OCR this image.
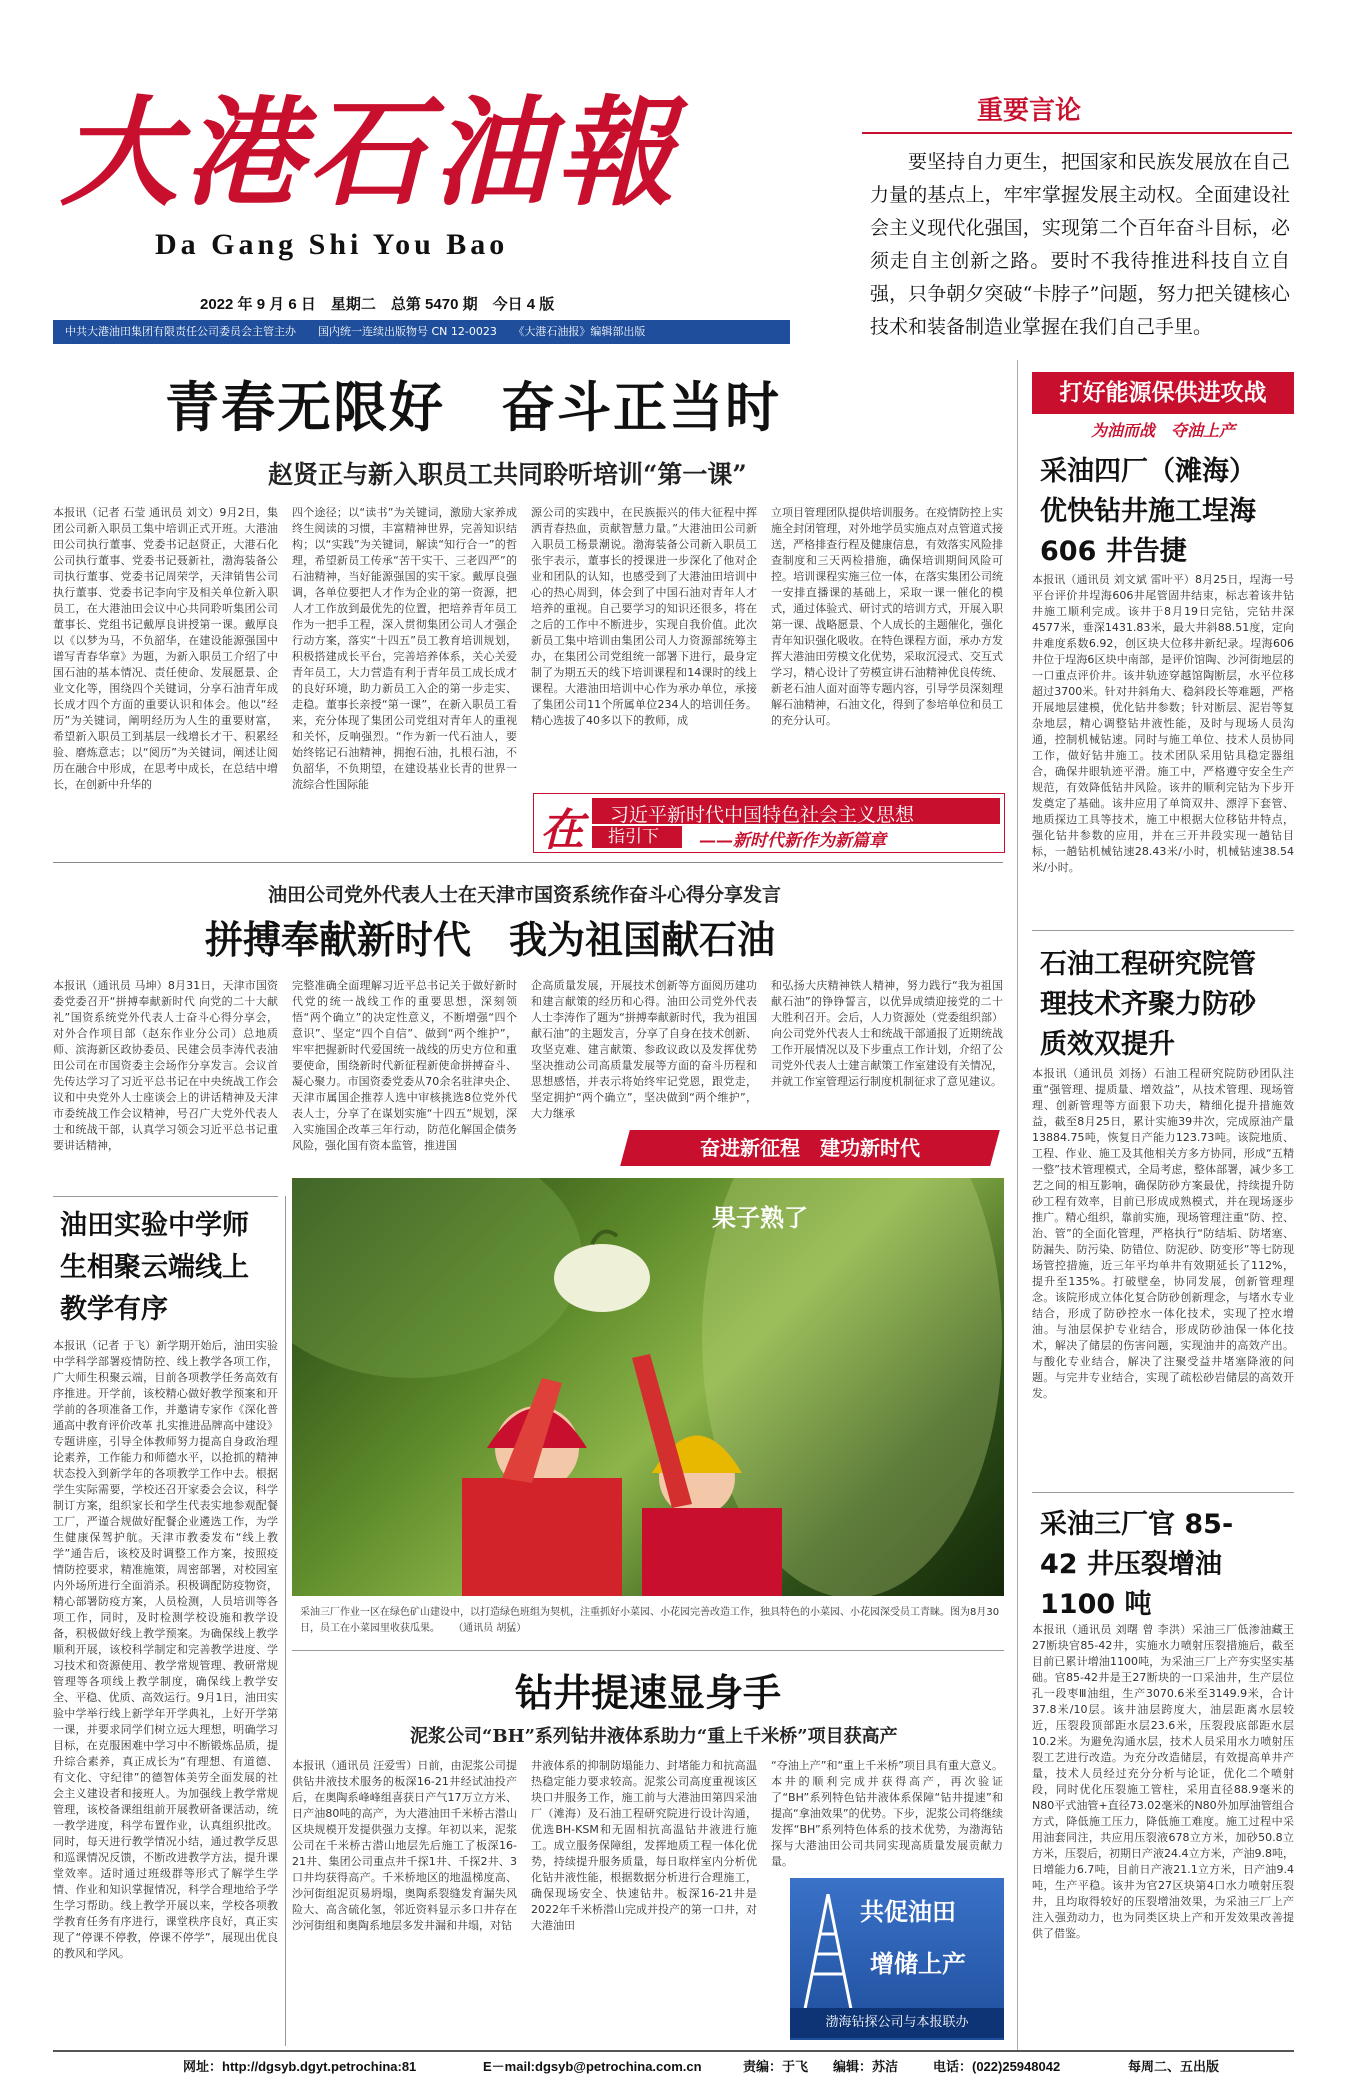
大港石油報
Da Gang Shi You Bao
2022 年 9 月 6 日　星期二　总第 5470 期　今日 4 版
重要言论
要坚持自力更生，把国家和民族发展放在自己力量的基点上，牢牢掌握发展主动权。全面建设社会主义现代化强国，实现第二个百年奋斗目标，必须走自主创新之路。要时不我待推进科技自立自强，只争朝夕突破“卡脖子”问题，努力把关键核心技术和装备制造业掌握在我们自己手里。
中共大港油田集团有限责任公司委员会主管主办　　国内统一连续出版物号 CN 12-0023　　《大港石油报》编辑部出版
青春无限好　奋斗正当时
赵贤正与新入职员工共同聆听培训“第一课”
本报讯（记者 石莹 通讯员 刘文）9月2日，集团公司新入职员工集中培训正式开班。大港油田公司执行董事、党委书记赵贤正，大港石化公司执行董事、党委书记聂新社，渤海装备公司执行董事、党委书记周荣学，天津销售公司执行董事、党委书记李向宇及相关单位新入职员工，在大港油田会议中心共同聆听集团公司董事长、党组书记戴厚良讲授第一课。戴厚良以《以梦为马，不负韶华，在建设能源强国中谱写青春华章》为题，为新入职员工介绍了中国石油的基本情况、责任使命、发展愿景、企业文化等，围绕四个关键词，分享石油青年成长成才四个方面的重要认识和体会。他以“经历”为关键词，阐明经历为人生的重要财富，希望新入职员工到基层一线增长才干、积累经验、磨炼意志；以“阅历”为关键词，阐述让阅历在融合中形成，在思考中成长，在总结中增长，在创新中升华的
四个途径；以“读书”为关键词，激励大家养成终生阅读的习惯，丰富精神世界，完善知识结构；以“实践”为关键词，解读“知行合一”的哲理，希望新员工传承“苦干实干、三老四严”的石油精神，当好能源强国的实干家。戴厚良强调，各单位要把人才作为企业的第一资源，把人才工作放到最优先的位置，把培养青年员工作为一把手工程，深入贯彻集团公司人才强企行动方案，落实“十四五”员工教育培训规划，积极搭建成长平台，完善培养体系，关心关爱青年员工，大力营造有利于青年员工成长成才的良好环境，助力新员工入企的第一步走实、走稳。董事长亲授“第一课”，在新入职员工看来，充分体现了集团公司党组对青年人的重视和关怀，反响强烈。“作为新一代石油人，要始终铭记石油精神，拥抱石油，扎根石油，不负韶华，不负期望，在建设基业长青的世界一流综合性国际能
源公司的实践中，在民族振兴的伟大征程中挥洒青春热血，贡献智慧力量。”大港油田公司新入职员工杨景潮说。渤海装备公司新入职员工张宇表示，董事长的授课进一步深化了他对企业和团队的认知，也感受到了大港油田培训中心的热心周到，体会到了中国石油对青年人才培养的重视。自己要学习的知识还很多，将在之后的工作中不断进步，实现自我价值。此次新员工集中培训由集团公司人力资源部统筹主办，在集团公司党组统一部署下进行，最身定制了为期五天的线下培训课程和14课时的线上课程。大港油田培训中心作为承办单位，承接了集团公司11个所属单位234人的培训任务。精心选拔了40多以下的教师，成
立项目管理团队提供培训服务。在疫情防控上实施全封闭管理，对外地学员实施点对点管道式接送，严格排查行程及健康信息，有效落实风险排查制度和三天两检措施，确保培训期间风险可控。培训课程实施三位一体，在落实集团公司统一安排直播课的基础上，采取一课一催化的模式，通过体验式、研讨式的培训方式，开展入职第一课、战略愿景、个人成长的主题催化，强化青年知识强化吸收。在特色课程方面，承办方发挥大港油田劳模文化优势，采取沉浸式、交互式学习，精心设计了劳模宣讲石油精神优良传统、新老石油人面对面等专题内容，引导学员深刻理解石油精神，石油文化，得到了参培单位和员工的充分认可。
在	习近平新时代中国特色社会主义思想
指引下	——新时代新作为新篇章
油田公司党外代表人士在天津市国资系统作奋斗心得分享发言
拼搏奉献新时代　我为祖国献石油
本报讯（通讯员 马坤）8月31日，天津市国资委党委召开“拼搏奉献新时代 向党的二十大献礼”国资系统党外代表人士奋斗心得分享会，对外合作项目部（赵东作业分公司）总地质师、滨海新区政协委员、民建会员李涛代表油田公司在市国资委主会场作分享发言。会议首先传达学习了习近平总书记在中央统战工作会议和中央党外人士座谈会上的讲话精神及天津市委统战工作会议精神，号召广大党外代表人士和统战干部，认真学习领会习近平总书记重要讲话精神，
完整准确全面理解习近平总书记关于做好新时代党的统一战线工作的重要思想，深刻领悟“两个确立”的决定性意义，不断增强“四个意识”、坚定“四个自信”、做到“两个维护”，牢牢把握新时代爱国统一战线的历史方位和重要使命，围绕新时代新征程新使命拼搏奋斗、凝心聚力。市国资委党委从70余名驻津央企、天津市属国企推荐人选中审核挑选8位党外代表人士，分享了在谋划实施“十四五”规划，深入实施国企改革三年行动，防范化解国企债务风险，强化国有资本监管，推进国
企高质量发展，开展技术创新等方面阅历建功和建言献策的经历和心得。油田公司党外代表人士李涛作了题为“拼搏奉献新时代，我为祖国献石油”的主题发言，分享了自身在技术创新、攻坚克难、建言献策、参政议政以及发挥优势坚决推动公司高质量发展等方面的奋斗历程和思想感悟，并表示将始终牢记党恩，跟党走，坚定拥护“两个确立”，坚决做到“两个维护”，大力继承
和弘扬大庆精神铁人精神，努力践行“我为祖国献石油”的铮铮誓言，以优异成绩迎接党的二十大胜利召开。会后，人力资源处（党委组织部）向公司党外代表人士和统战干部通报了近期统战工作开展情况以及下步重点工作计划，介绍了公司党外代表人士建言献策工作室建设有关情况，并就工作室管理运行制度机制征求了意见建议。
打好能源保供进攻战
为油而战　夺油上产
采油四厂（滩海）优快钻井施工埕海 606 井告捷
本报讯（通讯员 刘文斌 雷叶平）8月25日，埕海一号平台评价井埕海606井尾管固井结束，标志着该井钻井施工顺利完成。该井于8月19日完钻，完钻井深4577米，垂深1431.83米，最大井斜88.51度，定向井难度系数6.92，创区块大位移井新纪录。埕海606井位于埕海6区块中南部，是评价馆陶、沙河街地层的一口重点评价井。该井轨迹穿越馆陶断层，水平位移超过3700米。针对井斜角大、稳斜段长等难题，严格开展地层建模，优化钻井参数；针对断层、泥岩等复杂地层，精心调整钻井液性能，及时与现场人员沟通，控制机械钻速。同时与施工单位、技术人员协同工作，做好钻井施工。技术团队采用钻具稳定器组合，确保井眼轨迹平滑。施工中，严格遵守安全生产规范，有效降低钻井风险。该井的顺利完钻为下步开发奠定了基础。该井应用了单筒双井、漂浮下套管、地质探边工具等技术，施工中根据大位移钻井特点，强化钻井参数的应用，并在三开井段实现一趟钻目标，一趟钻机械钻速28.43米/小时，机械钻速38.54米/小时。
石油工程研究院管理技术齐聚力防砂质效双提升
本报讯（通讯员 刘扬）石油工程研究院防砂团队注重“强管理、提质量、增效益”，从技术管理、现场管理、创新管理等方面狠下功夫，精细化提升措施效益，截至8月25日，累计实施39井次，完成原油产量13884.75吨，恢复日产能力123.73吨。该院地质、工程、作业、施工及其他相关方多方协同，形成“五精一整”技术管理模式，全局考虑，整体部署，减少多工艺之间的相互影响，确保防砂方案最优，持续提升防砂工程有效率，目前已形成成熟模式，并在现场逐步推广。精心组织，靠前实施，现场管理注重“防、控、治、管”的全面化管理，严格执行“防结垢、防堵塞、防漏失、防污染、防错位、防泥砂、防变形”等七防现场管控措施，近三年平均单井有效期延长了112%，提升至135%。打破壁垒，协同发展，创新管理理念。该院形成立体化复合防砂创新理念，与堵水专业结合，形成了防砂控水一体化技术，实现了控水增油。与油层保护专业结合，形成防砂油保一体化技术，解决了储层的伤害问题，实现油井的高效产出。与酸化专业结合，解决了注聚受益井堵塞降液的问题。与完井专业结合，实现了疏松砂岩储层的高效开发。
采油三厂官 85-42 井压裂增油 1100 吨
本报讯（通讯员 刘曙 曾 李洪）采油三厂低渗油藏王27断块官85-42井，实施水力喷射压裂措施后，截至目前已累计增油1100吨，为采油三厂上产夯实坚实基础。官85-42井是王27断块的一口采油井，生产层位孔一段枣Ⅲ油组，生产3070.6米至3149.9米，合计37.8米/10层。该井油层跨度大，油层距离水层较近，压裂段顶部距水层23.6米，压裂段底部距水层10.2米。为避免沟通水层，技术人员采用水力喷射压裂工艺进行改造。为充分改造储层，有效提高单井产量，技术人员经过充分分析与论证，优化二个喷射段，同时优化压裂施工管柱，采用直径88.9毫米的N80平式油管+直径73.02毫米的N80外加厚油管组合方式，降低施工压力，降低施工难度。施工过程中采用油套同注，共应用压裂液678立方米，加砂50.8立方米，压裂后，初期日产液24.4立方米，产油9.8吨，日增能力6.7吨，目前日产液21.1立方米，日产油9.4吨，生产平稳。该井为官27区块第4口水力喷射压裂井，且均取得较好的压裂增油效果，为采油三厂上产注入强劲动力，也为同类区块上产和开发效果改善提供了借鉴。
油田实验中学师生相聚云端线上教学有序
本报讯（记者 于飞）新学期开始后，油田实验中学科学部署疫情防控、线上教学各项工作，广大师生积聚云端，目前各项教学任务高效有序推进。开学前，该校精心做好教学预案和开学前的各项准备工作，并邀请专家作《深化普通高中教育评价改革 扎实推进品牌高中建设》专题讲座，引导全体教师努力提高自身政治理论素养，工作能力和师德水平，以抢抓的精神状态投入到新学年的各项教学工作中去。根据学生实际需要，学校还召开家委会会议，科学制订方案，组织家长和学生代表实地参观配餐工厂，严谨合规做好配餐企业遴选工作，为学生健康保驾护航。天津市教委发布“线上教学”通告后，该校及时调整工作方案，按照疫情防控要求，精准施策，周密部署，对校园室内外场所进行全面消杀。积极调配防疫物资，精心部署防疫方案，人员检测，人员培训等各项工作，同时，及时检测学校设施和教学设备，积极做好线上教学预案。为确保线上教学顺利开展，该校科学制定和完善教学进度、学习技术和资源使用、教学常规管理、教研常规管理等各项线上教学制度，确保线上教学安全、平稳、优质、高效运行。9月1日，油田实验中学举行线上新学年开学典礼，上好开学第一课，并要求同学们树立远大理想，明确学习目标，在克服困难中学习中不断锻炼品质，提升综合素养，真正成长为“有理想、有道德、有文化、守纪律”的德智体美劳全面发展的社会主义建设者和接班人。为加强线上教学常规管理，该校备课组组前开展教研备课活动，统一教学进度，科学布置作业，认真组织批改。同时，每天进行教学情况小结，通过教学反思和巡课情况反馈，不断改进教学方法，提升课堂效率。适时通过班级群等形式了解学生学情、作业和知识掌握情况，科学合理地给予学生学习帮助。线上教学开展以来，学校各项教学教育任务有序进行，课堂秩序良好，真正实现了“停课不停教，停课不停学”，展现出优良的教风和学风。
奋进新征程　建功新时代
果子熟了
采油三厂作业一区在绿色矿山建设中，以打造绿色班组为契机，注重抓好小菜园、小花园完善改造工作，独具特色的小菜园、小花园深受员工青睐。图为8月30日，员工在小菜园里收获瓜果。 （通讯员 胡猛）
钻井提速显身手
泥浆公司“BH”系列钻井液体系助力“重上千米桥”项目获高产
本报讯（通讯员 汪爱雪）日前，由泥浆公司提供钻井液技术服务的板深16-21井经试油投产后，在奥陶系峰峰组喜获日产气17万立方米、日产油80吨的高产，为大港油田千米桥古潜山区块规模开发提供强力支撑。年初以来，泥浆公司在千米桥古潜山地层先后施工了板深16-21井、集团公司重点井千探1井、千探2井、3口井均获得高产。千米桥地区的地温梯度高、沙河街组泥页易坍塌，奥陶系裂缝发育漏失风险大、高含硫化氢，邻近资料显示多口井存在沙河街组和奥陶系地层多发井漏和井塌，对钻
井液体系的抑制防塌能力、封堵能力和抗高温热稳定能力要求较高。泥浆公司高度重视该区块口井服务工作，施工前与大港油田第四采油厂（滩海）及石油工程研究院进行设计沟通，优选BH-KSM和无固相抗高温钻井液进行施工。成立服务保障组，发挥地质工程一体化优势，持续提升服务质量，每日取样室内分析优化钻井液性能，根据数据分析进行合理施工，确保现场安全、快速钻井。板深16-21井是2022年千米桥潜山完成并投产的第一口井，对大港油田
“夺油上产”和“重上千米桥”项目具有重大意义。本井的顺利完成并获得高产，再次验证了“BH”系列特色钻井液体系保障“钻井提速”和提高“拿油效果”的优势。下步，泥浆公司将继续发挥“BH”系列特色体系的技术优势，为渤海钻探与大港油田公司共同实现高质量发展贡献力量。
共促油田
增储上产
渤海钻探公司与本报联办
网址：http://dgsyb.dgyt.petrochina:81	E－mail:dgsyb@petrochina.com.cn	责编：于飞 编辑：苏洁	电话：(022)25948042	每周二、五出版
